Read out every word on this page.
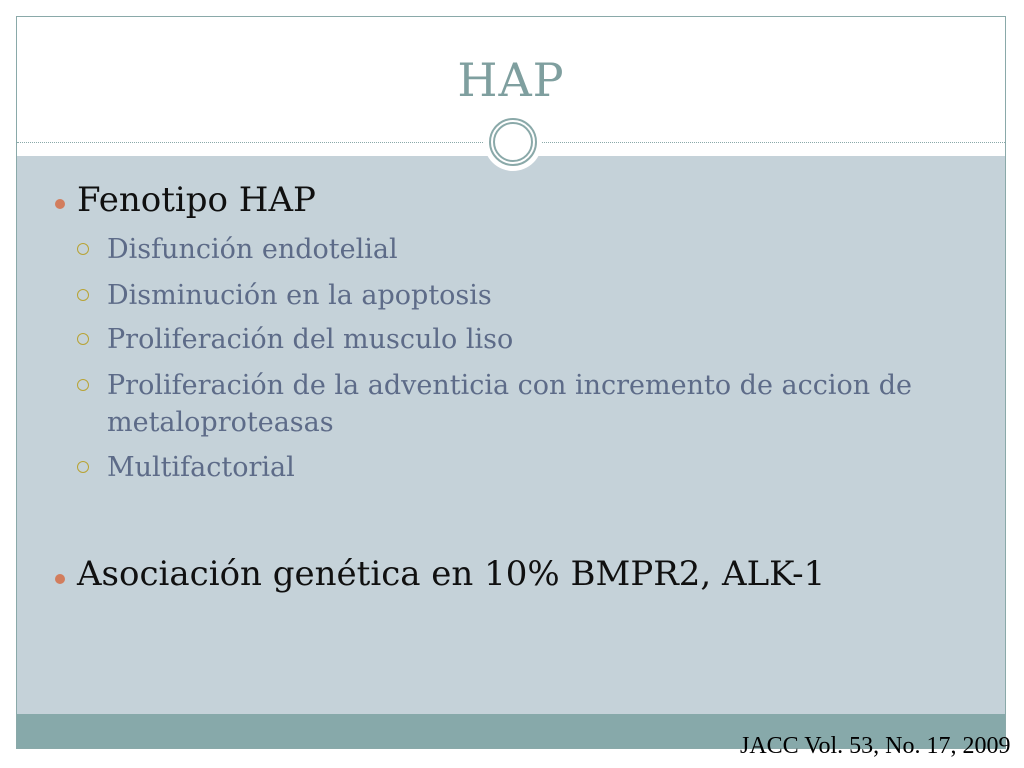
HAP
Fenotipo HAP
Disfunción endotelial
Disminución en la apoptosis
Proliferación del musculo liso
Proliferación de la adventicia con incremento de accion de metaloproteasas
Multifactorial
Asociación genética en 10% BMPR2, ALK-1
JACC Vol. 53, No. 17, 2009
